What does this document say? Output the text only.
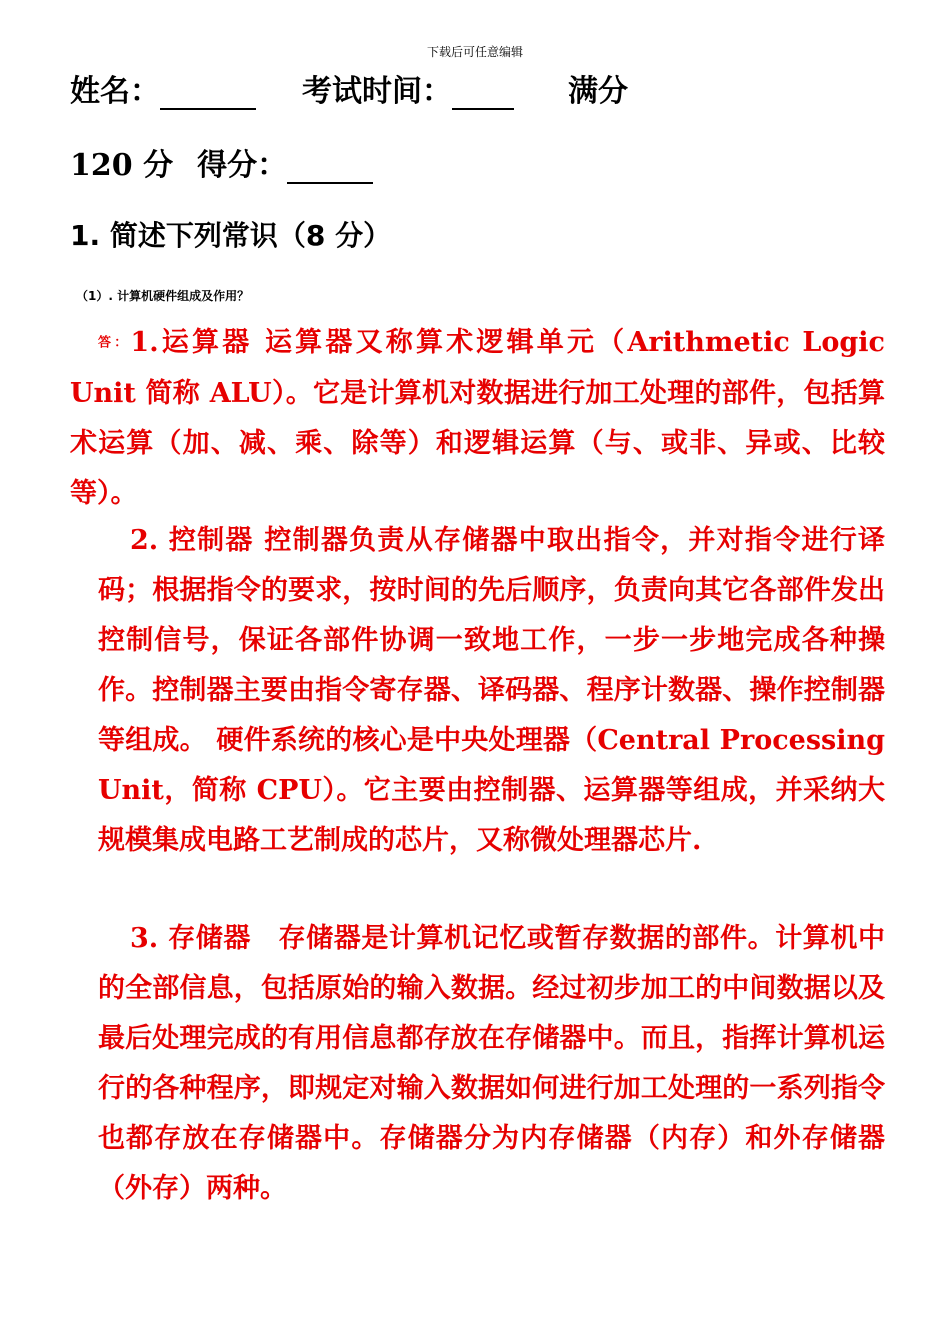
下载后可任意编辑
姓名：	考试时间：	满分
120 分 得分：
1. 简述下列常识（8 分）
（1）. 计算机硬件组成及作用？

答：1.运算器 运算器又称算术逻辑单元（Arithmetic Logic Unit 简称 ALU）。它是计算机对数据进行加工处理的部件，包括算术运算（加、减、乘、除等）和逻辑运算（与、或非、异或、比较等）。

2. 控制器 控制器负责从存储器中取出指令，并对指令进行译码；根据指令的要求，按时间的先后顺序，负责向其它各部件发出控制信号，保证各部件协调一致地工作，一步一步地完成各种操作。控制器主要由指令寄存器、译码器、程序计数器、操作控制器等组成。 硬件系统的核心是中央处理器（Central Processing Unit，简称 CPU）。它主要由控制器、运算器等组成，并采纳大规模集成电路工艺制成的芯片，又称微处理器芯片.

3. 存储器　存储器是计算机记忆或暂存数据的部件。计算机中的全部信息，包括原始的输入数据。经过初步加工的中间数据以及最后处理完成的有用信息都存放在存储器中。而且，指挥计算机运行的各种程序，即规定对输入数据如何进行加工处理的一系列指令也都存放在存储器中。存储器分为内存储器（内存）和外存储器（外存）两种。
